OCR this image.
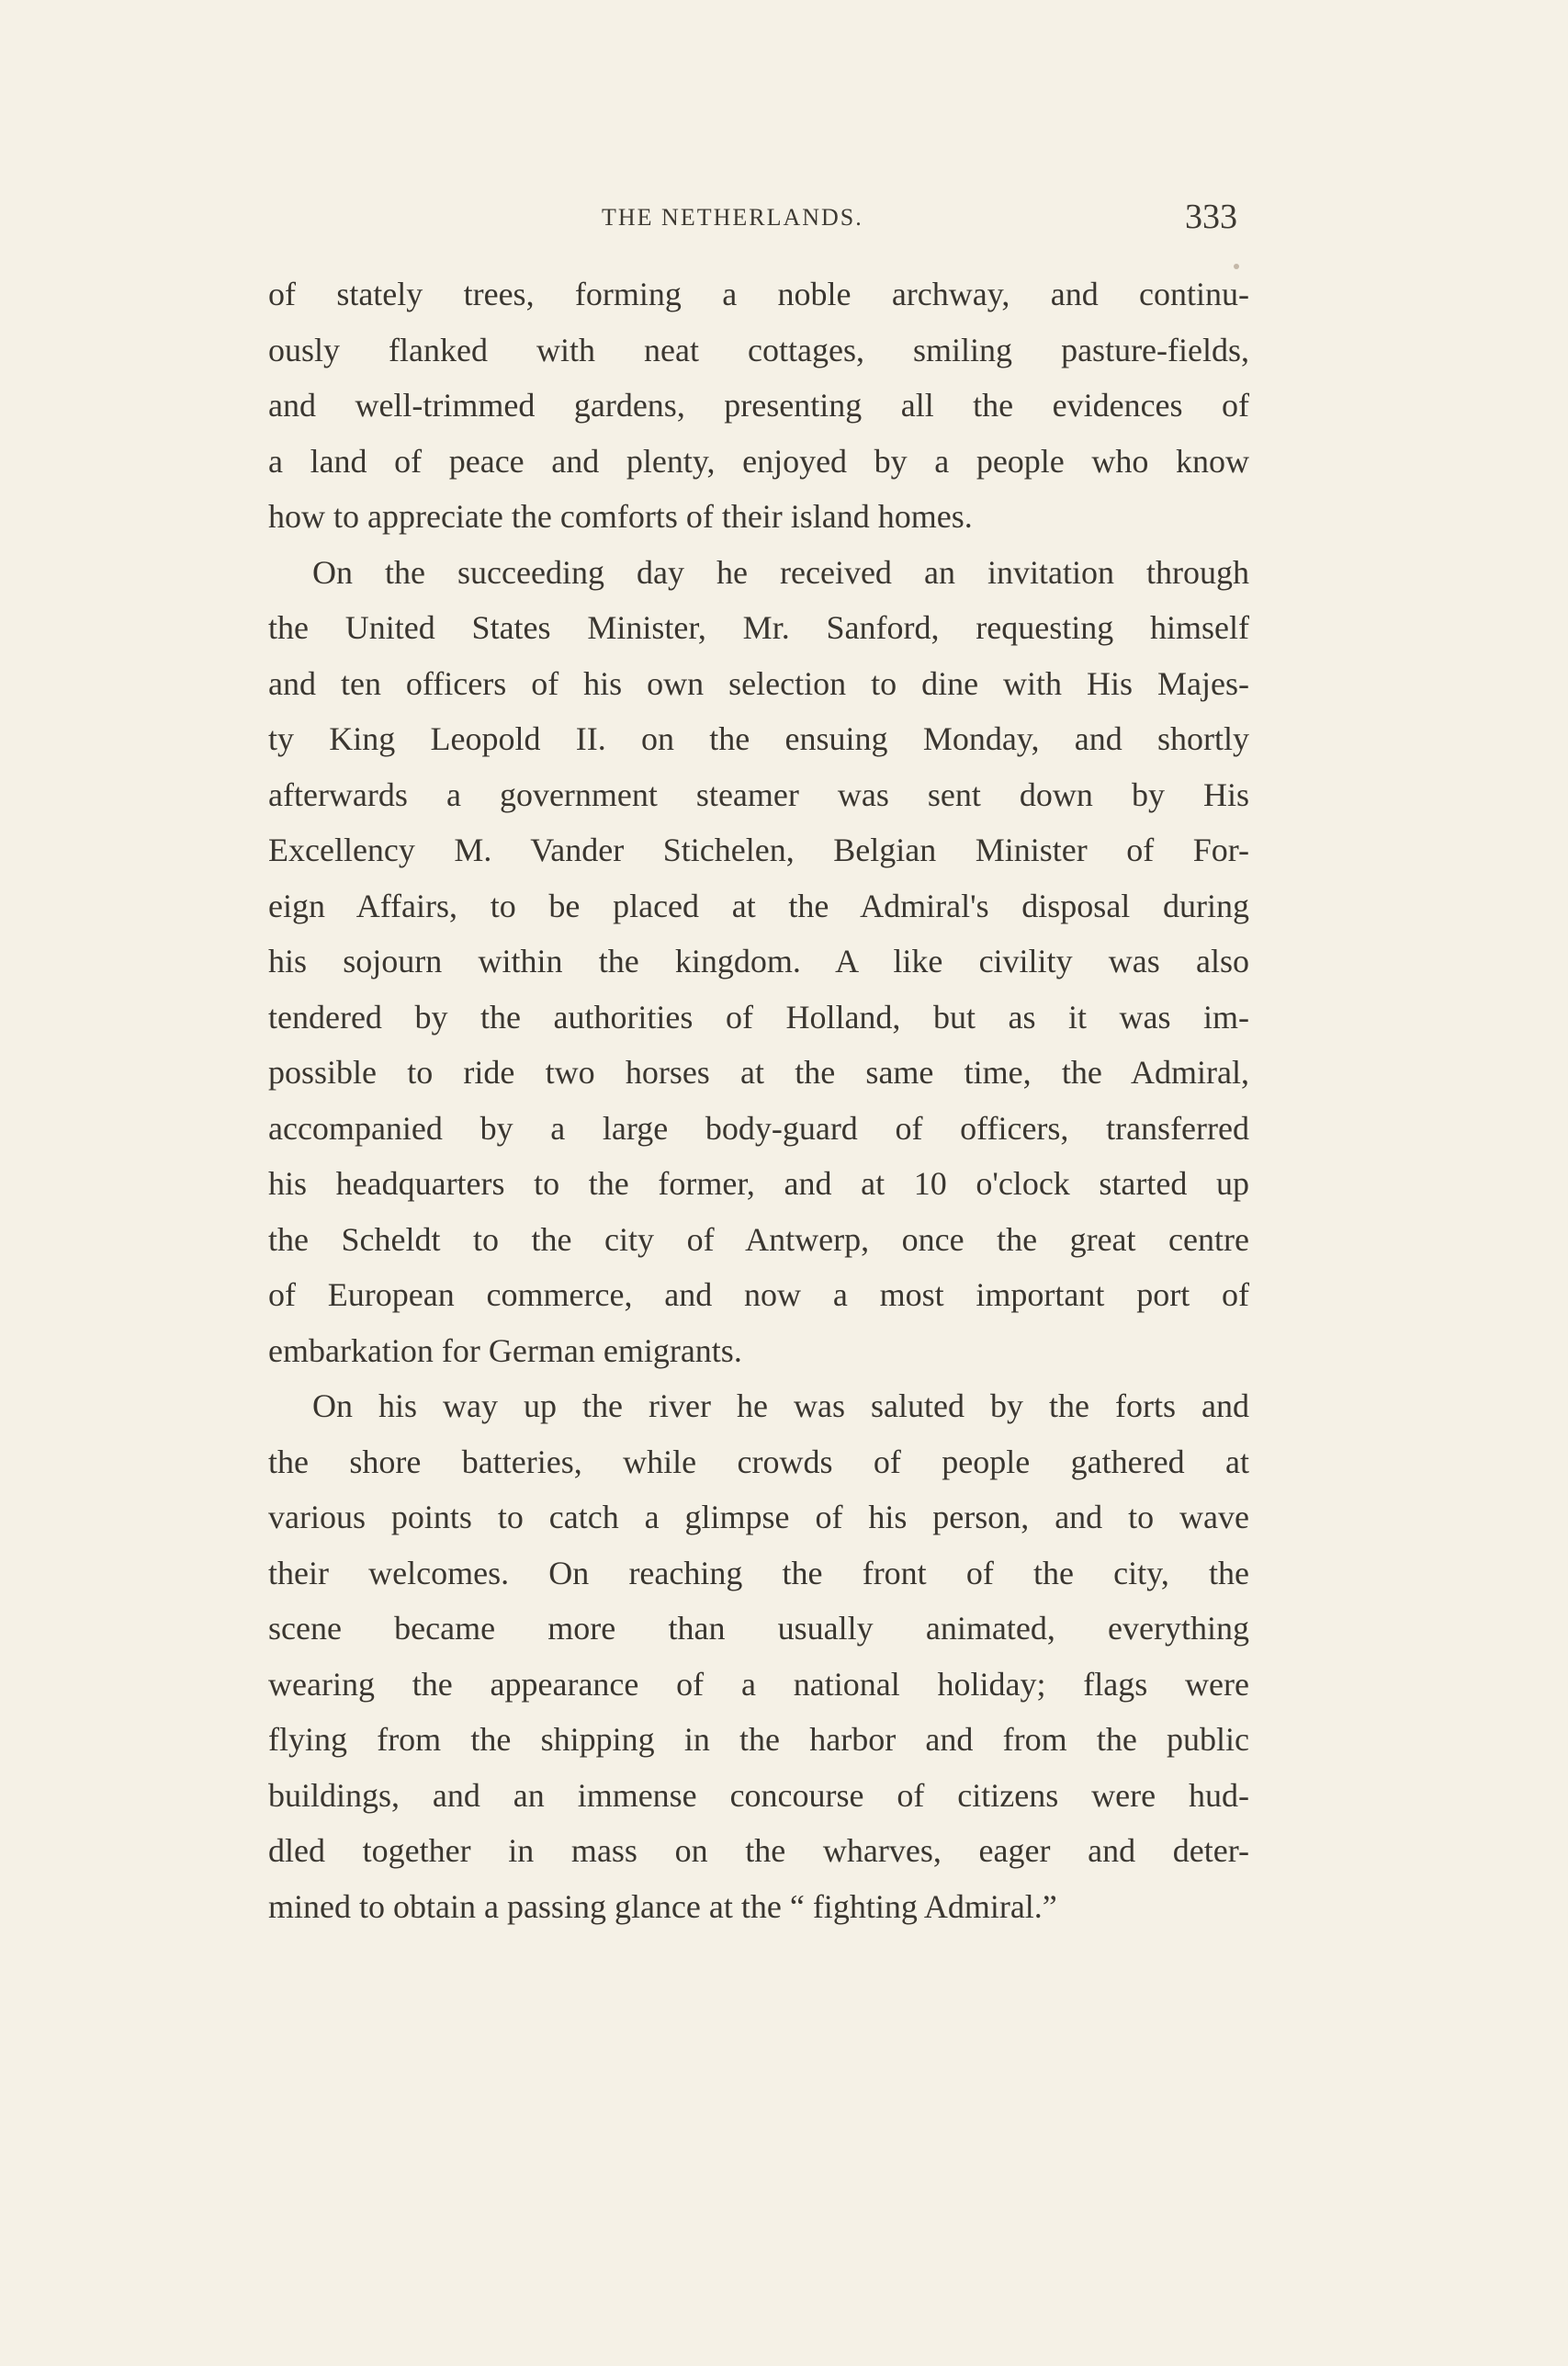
THE NETHERLANDS.	333
of stately trees, forming a noble archway, and continu-
ously flanked with neat cottages, smiling pasture-fields,
and well-trimmed gardens, presenting all the evidences of
a land of peace and plenty, enjoyed by a people who know
how to appreciate the comforts of their island homes.
On the succeeding day he received an invitation through
the United States Minister, Mr. Sanford, requesting himself
and ten officers of his own selection to dine with His Majes-
ty King Leopold II. on the ensuing Monday, and shortly
afterwards a government steamer was sent down by His
Excellency M. Vander Stichelen, Belgian Minister of For-
eign Affairs, to be placed at the Admiral's disposal during
his sojourn within the kingdom. A like civility was also
tendered by the authorities of Holland, but as it was im-
possible to ride two horses at the same time, the Admiral,
accompanied by a large body-guard of officers, transferred
his headquarters to the former, and at 10 o'clock started up
the Scheldt to the city of Antwerp, once the great centre
of European commerce, and now a most important port of
embarkation for German emigrants.
On his way up the river he was saluted by the forts and
the shore batteries, while crowds of people gathered at
various points to catch a glimpse of his person, and to wave
their welcomes. On reaching the front of the city, the
scene became more than usually animated, everything
wearing the appearance of a national holiday; flags were
flying from the shipping in the harbor and from the public
buildings, and an immense concourse of citizens were hud-
dled together in mass on the wharves, eager and deter-
mined to obtain a passing glance at the “ fighting Admiral.”
